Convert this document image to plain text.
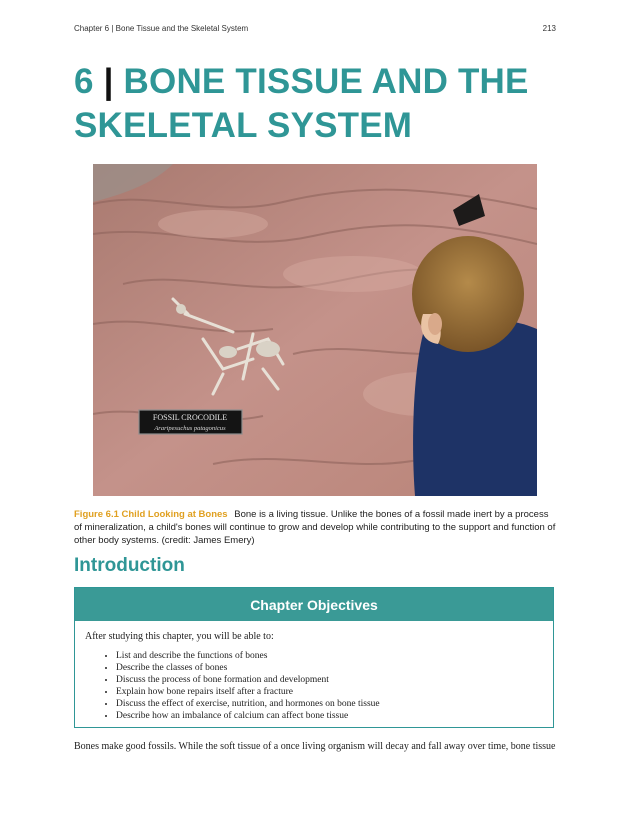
Chapter 6 | Bone Tissue and the Skeletal System	213
6 | BONE TISSUE AND THE
SKELETAL SYSTEM
FOSSIL CROCODILE
Araripesuchus patagonicus

Figure 6.1 Child Looking at Bones Bone is a living tissue. Unlike the bones of a fossil made inert by a process of mineralization, a child's bones will continue to grow and develop while contributing to the support and function of other body systems. (credit: James Emery)

Introduction
Chapter Objectives

After studying this chapter, you will be able to:

• List and describe the functions of bones
• Describe the classes of bones
• Discuss the process of bone formation and development
• Explain how bone repairs itself after a fracture
• Discuss the effect of exercise, nutrition, and hormones on bone tissue
• Describe how an imbalance of calcium can affect bone tissue

Bones make good fossils. While the soft tissue of a once living organism will decay and fall away over time, bone tissue
